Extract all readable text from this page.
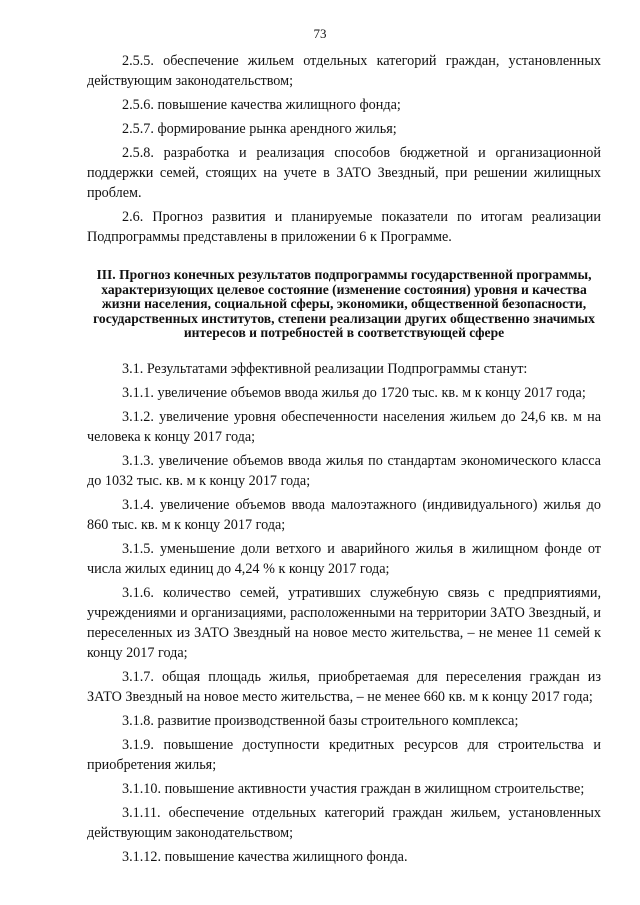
73

2.5.5. обеспечение жильем отдельных категорий граждан, установленных действующим законодательством;

2.5.6. повышение качества жилищного фонда;

2.5.7. формирование рынка арендного жилья;

2.5.8. разработка и реализация способов бюджетной и организационной поддержки семей, стоящих на учете в ЗАТО Звездный, при решении жилищных проблем.

2.6. Прогноз развития и планируемые показатели по итогам реализации Подпрограммы представлены в приложении 6 к Программе.

III. Прогноз конечных результатов подпрограммы государственной программы, характеризующих целевое состояние (изменение состояния) уровня и качества жизни населения, социальной сферы, экономики, общественной безопасности, государственных институтов, степени реализации других общественно значимых интересов и потребностей в соответствующей сфере

3.1. Результатами эффективной реализации Подпрограммы станут:

3.1.1. увеличение объемов ввода жилья до 1720 тыс. кв. м к концу 2017 года;

3.1.2. увеличение уровня обеспеченности населения жильем до 24,6 кв. м на человека к концу 2017 года;

3.1.3. увеличение объемов ввода жилья по стандартам экономического класса до 1032 тыс. кв. м к концу 2017 года;

3.1.4. увеличение объемов ввода малоэтажного (индивидуального) жилья до 860 тыс. кв. м к концу 2017 года;

3.1.5. уменьшение доли ветхого и аварийного жилья в жилищном фонде от числа жилых единиц до 4,24 % к концу 2017 года;

3.1.6. количество семей, утративших служебную связь с предприятиями, учреждениями и организациями, расположенными на территории ЗАТО Звездный, и переселенных из ЗАТО Звездный на новое место жительства, – не менее 11 семей к концу 2017 года;

3.1.7. общая площадь жилья, приобретаемая для переселения граждан из ЗАТО Звездный на новое место жительства, – не менее 660 кв. м к концу 2017 года;

3.1.8. развитие производственной базы строительного комплекса;

3.1.9. повышение доступности кредитных ресурсов для строительства и приобретения жилья;

3.1.10. повышение активности участия граждан в жилищном строительстве;

3.1.11. обеспечение отдельных категорий граждан жильем, установленных действующим законодательством;

3.1.12. повышение качества жилищного фонда.
